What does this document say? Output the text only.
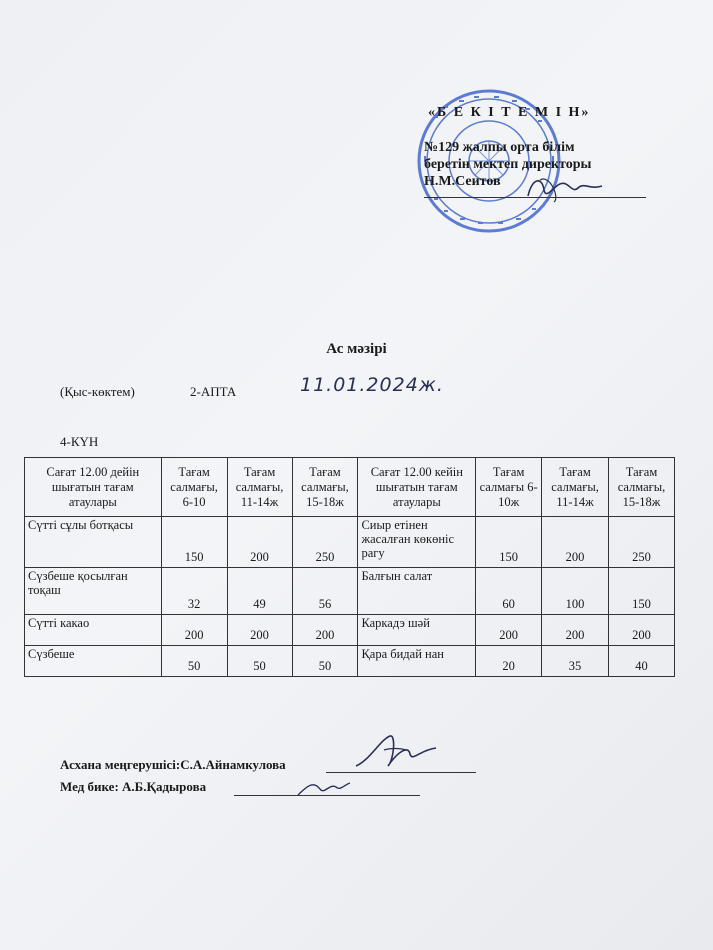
«Б Е К І Т Е М І Н»
№129 жалпы орта білім
беретін мектеп директоры
Н.М.Сеитов
Ас мәзірі
(Қыс-көктем)	2-АПТА	11.01.2024ж.
4-КҮН
Сағат 12.00 дейін шығатын тағам атаулары	Тағам салмағы, 6-10	Тағам салмағы, 11-14ж	Тағам салмағы, 15-18ж	Сағат 12.00 кейін шығатын тағам атаулары	Тағам салмағы 6-10ж	Тағам салмағы, 11-14ж	Тағам салмағы, 15-18ж
Сүтті сұлы ботқасы	150	200	250	Сиыр етінен жасалған көкөніс рагу	150	200	250
Сүзбеше қосылған тоқаш	32	49	56	Балғын салат	60	100	150
Сүтті какао	200	200	200	Каркадэ шәй	200	200	200
Сүзбеше	50	50	50	Қара бидай нан	20	35	40
Асхана меңгерушісі:С.А.Айнамкулова
Мед бике: А.Б.Қадырова
